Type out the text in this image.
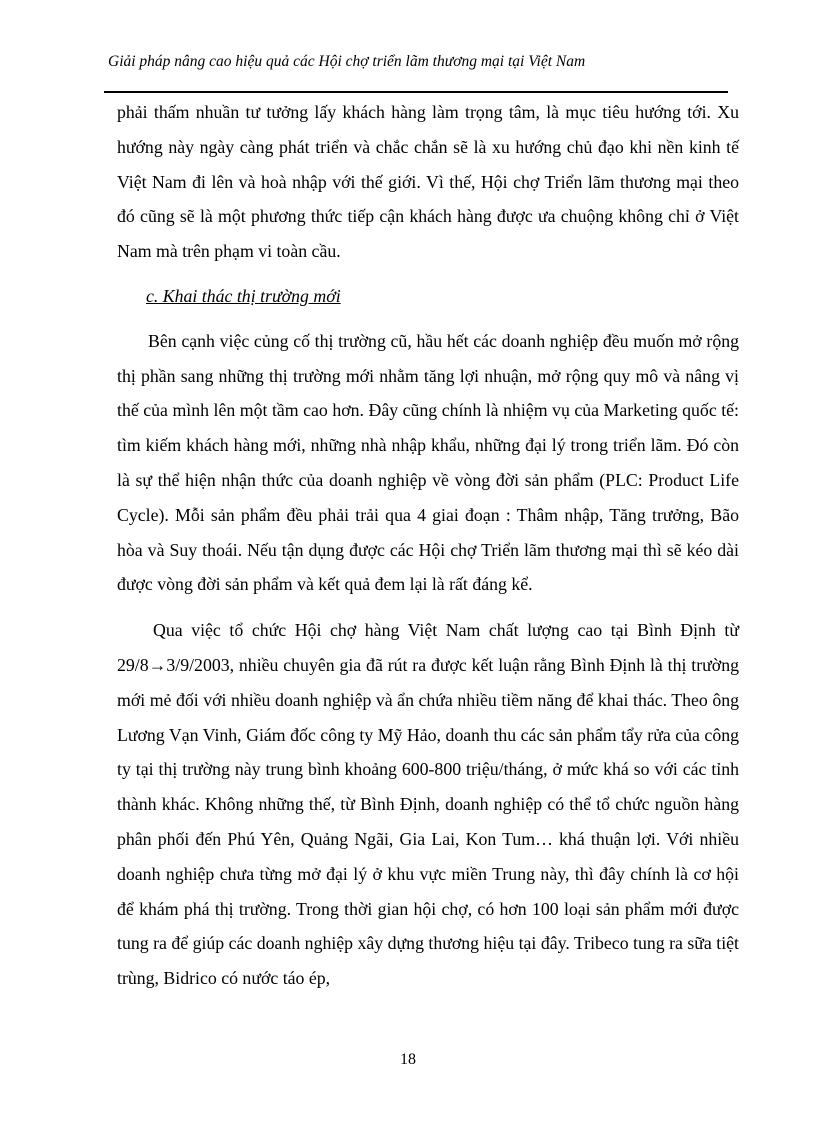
Giải pháp nâng cao hiệu quả các Hội chợ triển lãm thương mại tại Việt Nam

phải thấm nhuần tư tưởng lấy khách hàng làm trọng tâm, là mục tiêu hướng tới. Xu hướng này ngày càng phát triển và chắc chắn sẽ là xu hướng chủ đạo khi nền kinh tế Việt Nam đi lên và hoà nhập với thế giới. Vì thế, Hội chợ Triển lãm thương mại theo đó cũng sẽ là một phương thức tiếp cận khách hàng được ưa chuộng không chỉ ở Việt Nam mà trên phạm vi toàn cầu.

c. Khai thác thị trường mới

Bên cạnh việc củng cố thị trường cũ, hầu hết các doanh nghiệp đều muốn mở rộng thị phần sang những thị trường mới nhằm tăng lợi nhuận, mở rộng quy mô và nâng vị thế của mình lên một tầm cao hơn. Đây cũng chính là nhiệm vụ của Marketing quốc tế: tìm kiếm khách hàng mới, những nhà nhập khẩu, những đại lý trong triển lãm. Đó còn là sự thể hiện nhận thức của doanh nghiệp về vòng đời sản phẩm (PLC: Product Life Cycle). Mỗi sản phẩm đều phải trải qua 4 giai đoạn : Thâm nhập, Tăng trưởng, Bão hòa và Suy thoái. Nếu tận dụng được các Hội chợ Triển lãm thương mại thì sẽ kéo dài được vòng đời sản phẩm và kết quả đem lại là rất đáng kể.

Qua việc tổ chức Hội chợ hàng Việt Nam chất lượng cao tại Bình Định từ 29/8→3/9/2003, nhiều chuyên gia đã rút ra được kết luận rằng Bình Định là thị trường mới mẻ đối với nhiều doanh nghiệp và ẩn chứa nhiều tiềm năng để khai thác. Theo ông Lương Vạn Vinh, Giám đốc công ty Mỹ Hảo, doanh thu các sản phẩm tẩy rửa của công ty tại thị trường này trung bình khoảng 600-800 triệu/tháng, ở mức khá so với các tỉnh thành khác. Không những thế, từ Bình Định, doanh nghiệp có thể tổ chức nguồn hàng phân phối đến Phú Yên, Quảng Ngãi, Gia Lai, Kon Tum… khá thuận lợi. Với nhiều doanh nghiệp chưa từng mở đại lý ở khu vực miền Trung này, thì đây chính là cơ hội để khám phá thị trường. Trong thời gian hội chợ, có hơn 100 loại sản phẩm mới được tung ra để giúp các doanh nghiệp xây dựng thương hiệu tại đây. Tribeco tung ra sữa tiệt trùng, Bidrico có nước táo ép,

18
